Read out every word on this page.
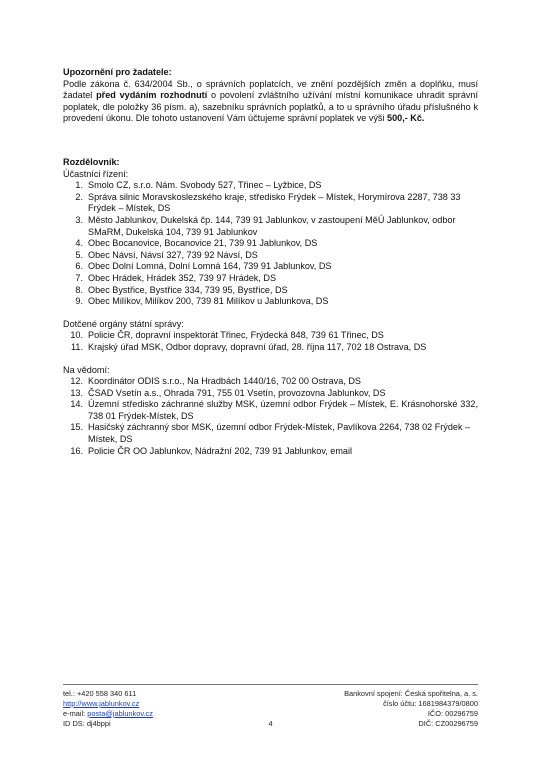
Upozornění pro žadatele:
Podle zákona č. 634/2004 Sb., o správních poplatcích, ve znění pozdějších změn a doplňku, musí žadatel před vydáním rozhodnutí o povolení zvláštního užívání místní komunikace uhradit správní poplatek, dle položky 36 písm. a), sazebníku správních poplatků, a to u správního úřadu příslušného k provedení úkonu. Dle tohoto ustanovení Vám účtujeme správní poplatek ve výši 500,- Kč.
Rozdělovník:
Účastníci řízení:
1. Smolo CZ, s.r.o. Nám. Svobody 527, Třinec – Lyžbice, DS
2. Správa silnic Moravskoslezského kraje, středisko Frýdek – Místek, Horymírova 2287, 738 33 Frýdek – Místek, DS
3. Město Jablunkov, Dukelská čp. 144, 739 91 Jablunkov, v zastoupení MěÚ Jablunkov, odbor SMaRM, Dukelská 104, 739 91 Jablunkov
4. Obec Bocanovice, Bocanovice 21, 739 91 Jablunkov, DS
5. Obec Návsí, Návsí 327, 739 92 Návsí, DS
6. Obec Dolní Lomná, Dolní Lomná 164, 739 91 Jablunkov, DS
7. Obec Hrádek, Hrádek 352, 739 97 Hrádek, DS
8. Obec Bystřice, Bystřice 334, 739 95, Bystřice, DS
9. Obec Milíkov, Milíkov 200, 739 81 Milíkov u Jablunkova, DS
Dotčené orgány státní správy:
10. Policie ČR, dopravní inspektorát Třinec, Frýdecká 848, 739 61 Třinec, DS
11. Krajský úřad MSK, Odbor dopravy, dopravní úřad, 28. října 117, 702 18 Ostrava, DS
Na vědomí:
12. Koordinátor ODIS s.r.o., Na Hradbách 1440/16, 702 00 Ostrava, DS
13. ČSAD Vsetín a.s., Ohrada 791, 755 01 Vsetín, provozovna Jablunkov, DS
14. Územní středisko záchranné služby MSK, územní odbor Frýdek – Místek, E. Krásnohorské 332, 738 01 Frýdek-Místek, DS
15. Hasičský záchranný sbor MSK, územní odbor Frýdek-Místek, Pavlíkova 2264, 738 02 Frýdek – Místek, DS
16. Policie ČR OO Jablunkov, Nádražní 202, 739 91 Jablunkov, email
tel.: +420 558 340 611
http://www.jablunkov.cz
e-mail: posta@jablunkov.cz
ID DS: dj4bppi	4
Bankovní spojení: Česká spořitelna, a. s.
číslo účtu: 1681984379/0800
IČO: 00296759
DIČ: CZ00296759
